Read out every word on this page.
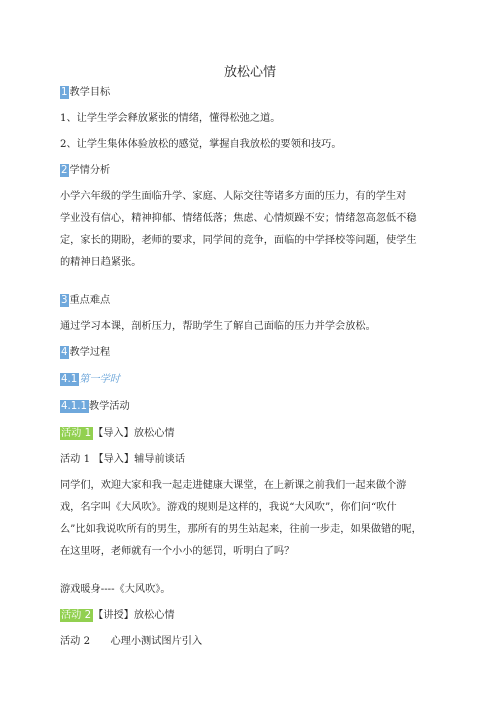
放松心情
1 教学目标
1、让学生学会释放紧张的情绪，懂得松弛之道。
2、让学生集体体验放松的感觉，掌握自我放松的要领和技巧。
2 学情分析
小学六年级的学生面临升学、家庭、人际交往等诸多方面的压力，有的学生对
学业没有信心，精神抑郁、情绪低落；焦虑、心情烦躁不安；情绪忽高忽低不稳
定，家长的期盼，老师的要求，同学间的竞争，面临的中学择校等问题，使学生
的精神日趋紧张。
3 重点难点
通过学习本课，剖析压力，帮助学生了解自己面临的压力并学会放松。
4 教学过程
4.1 第一学时
4.1.1 教学活动
活动 1 【导入】放松心情
活动 1 【导入】辅导前谈话
同学们，欢迎大家和我一起走进健康大课堂，在上新课之前我们一起来做个游
戏，名字叫《大风吹》。游戏的规则是这样的，我说“大风吹”，你们问“吹什
么”比如我说吹所有的男生，那所有的男生站起来，往前一步走，如果做错的呢，
在这里呀，老师就有一个小小的惩罚，听明白了吗？
游戏暖身----《大风吹》。
活动 2 【讲授】放松心情
活动 2　　心理小测试图片引入
